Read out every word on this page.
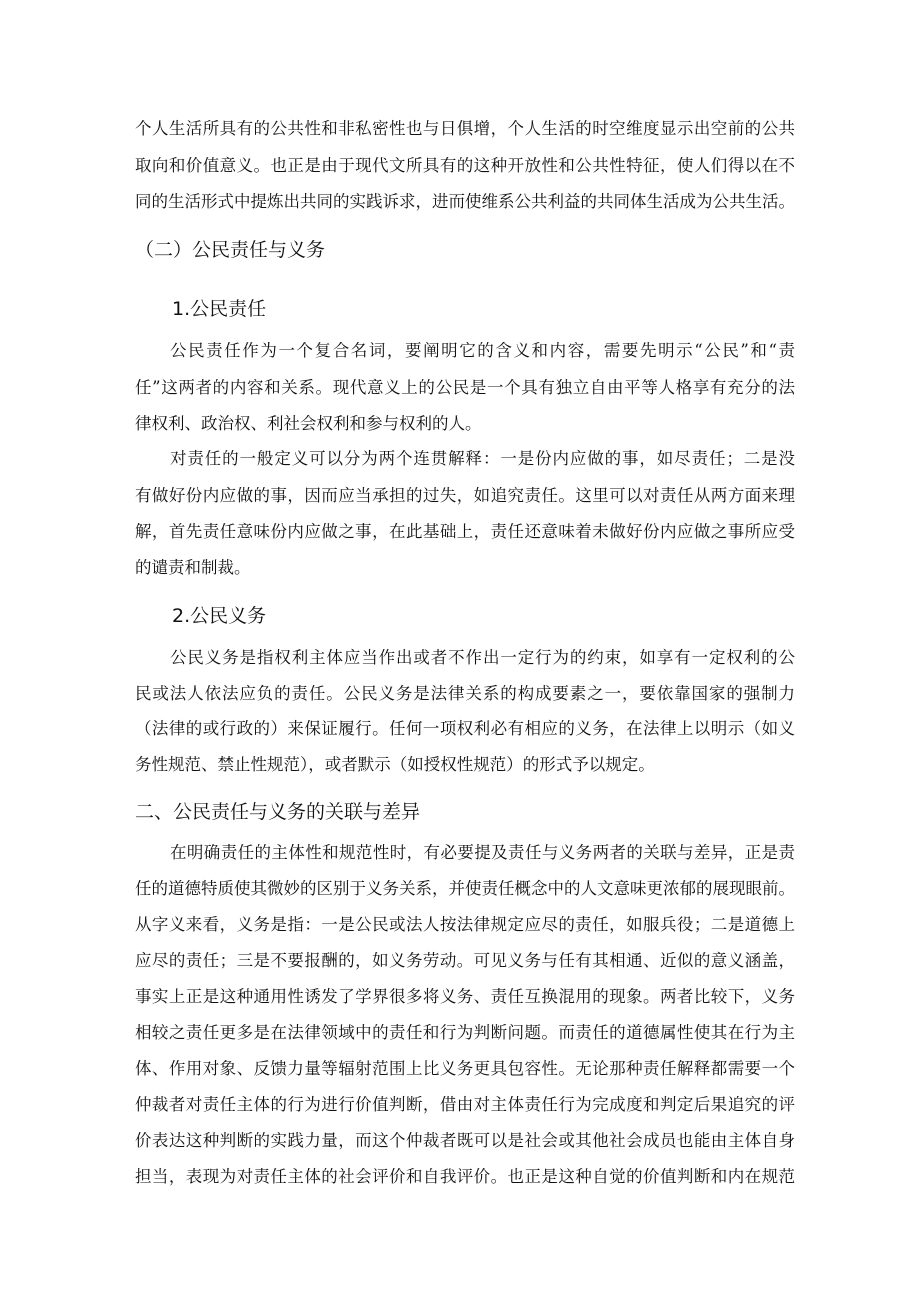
个人生活所具有的公共性和非私密性也与日俱增，个人生活的时空维度显示出空前的公共
取向和价值意义。也正是由于现代文所具有的这种开放性和公共性特征，使人们得以在不
同的生活形式中提炼出共同的实践诉求，进而使维系公共利益的共同体生活成为公共生活。
（二）公民责任与义务
1.公民责任
公民责任作为一个复合名词，要阐明它的含义和内容，需要先明示“公民”和“责
任”这两者的内容和关系。现代意义上的公民是一个具有独立自由平等人格享有充分的法
律权利、政治权、利社会权利和参与权利的人。
对责任的一般定义可以分为两个连贯解释：一是份内应做的事，如尽责任；二是没
有做好份内应做的事，因而应当承担的过失，如追究责任。这里可以对责任从两方面来理
解，首先责任意味份内应做之事，在此基础上，责任还意味着未做好份内应做之事所应受
的谴责和制裁。
2.公民义务
公民义务是指权利主体应当作出或者不作出一定行为的约束，如享有一定权利的公
民或法人依法应负的责任。公民义务是法律关系的构成要素之一，要依靠国家的强制力
（法律的或行政的）来保证履行。任何一项权利必有相应的义务，在法律上以明示（如义
务性规范、禁止性规范），或者默示（如授权性规范）的形式予以规定。
二、公民责任与义务的关联与差异
在明确责任的主体性和规范性时，有必要提及责任与义务两者的关联与差异，正是责
任的道德特质使其微妙的区别于义务关系，并使责任概念中的人文意味更浓郁的展现眼前。
从字义来看，义务是指：一是公民或法人按法律规定应尽的责任，如服兵役；二是道德上
应尽的责任；三是不要报酬的，如义务劳动。可见义务与任有其相通、近似的意义涵盖，
事实上正是这种通用性诱发了学界很多将义务、责任互换混用的现象。两者比较下，义务
相较之责任更多是在法律领域中的责任和行为判断问题。而责任的道德属性使其在行为主
体、作用对象、反馈力量等辐射范围上比义务更具包容性。无论那种责任解释都需要一个
仲裁者对责任主体的行为进行价值判断，借由对主体责任行为完成度和判定后果追究的评
价表达这种判断的实践力量，而这个仲裁者既可以是社会或其他社会成员也能由主体自身
担当，表现为对责任主体的社会评价和自我评价。也正是这种自觉的价值判断和内在规范
